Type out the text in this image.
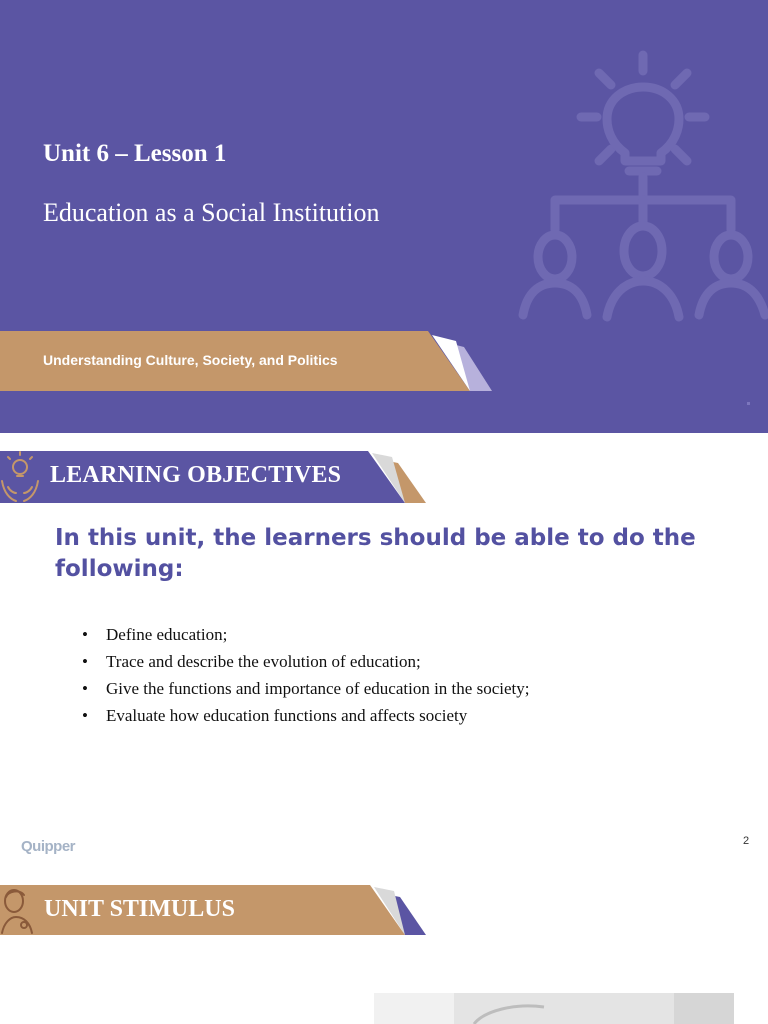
Unit 6 – Lesson 1
Education as a Social Institution
Understanding Culture, Society, and Politics
LEARNING OBJECTIVES
In this unit, the learners should be able to do the following:
• Define education;
• Trace and describe the evolution of education;
• Give the functions and importance of education in the society;
• Evaluate how education functions and affects society
Quipper	2
UNIT STIMULUS
